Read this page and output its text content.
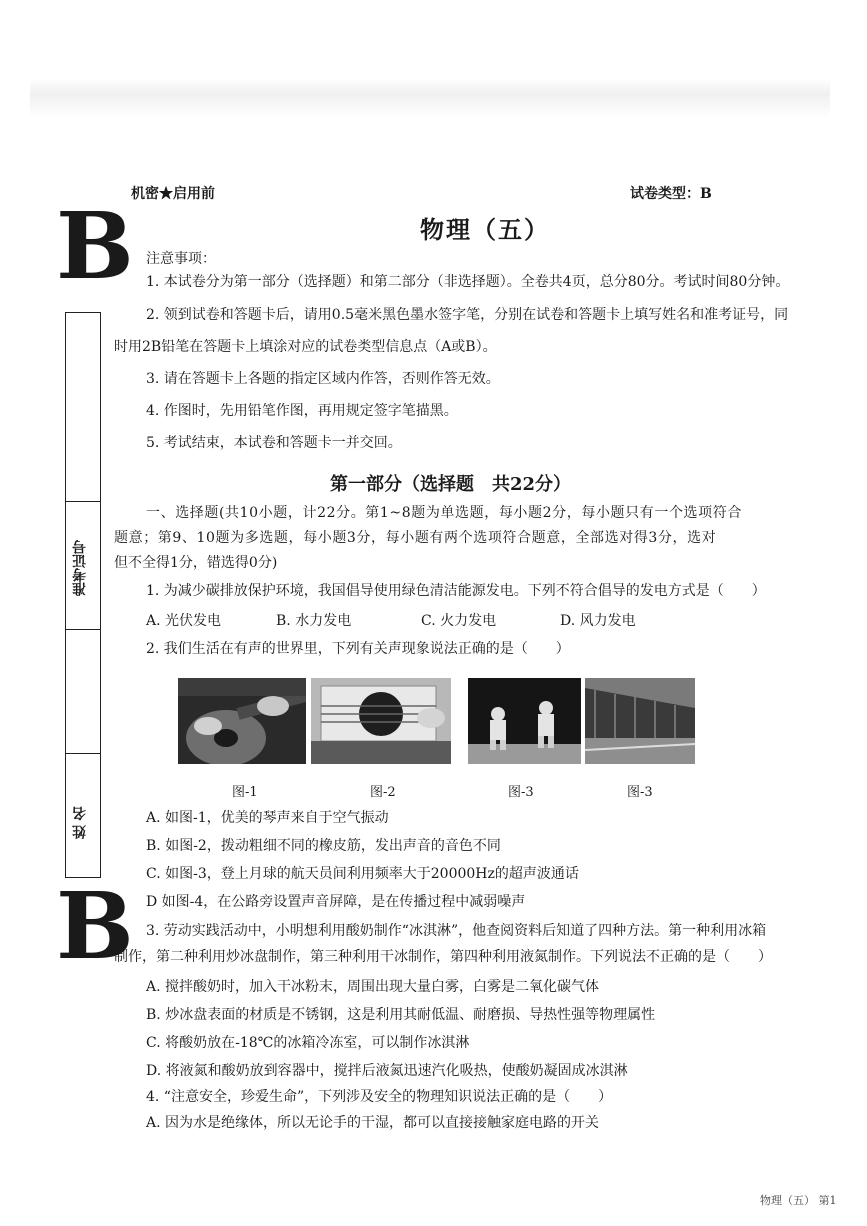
机密★启用前	试卷类型：B
B
B
物理（五）
注意事项：
1. 本试卷分为第一部分（选择题）和第二部分（非选择题）。全卷共4页，总分80分。考试时间80分钟。
2. 领到试卷和答题卡后，请用0.5毫米黑色墨水签字笔，分别在试卷和答题卡上填写姓名和准考证号，同
时用2B铅笔在答题卡上填涂对应的试卷类型信息点（A或B）。
3. 请在答题卡上各题的指定区域内作答，否则作答无效。
4. 作图时，先用铅笔作图，再用规定签字笔描黑。
5. 考试结束，本试卷和答题卡一并交回。
准考证号
姓 名
第一部分（选择题　共22分）
一、选择题(共10小题，计22分。第1~8题为单选题，每小题2分，每小题只有一个选项符合
题意；第9、10题为多选题，每小题3分，每小题有两个选项符合题意，全部选对得3分，选对
但不全得1分，错选得0分)
1. 为减少碳排放保护环境，我国倡导使用绿色清洁能源发电。下列不符合倡导的发电方式是（　　）
A. 光伏发电	B. 水力发电	C. 火力发电	D. 风力发电
2. 我们生活在有声的世界里，下列有关声现象说法正确的是（　　）
图-1	图-2	图-3	图-3
A. 如图-1，优美的琴声来自于空气振动
B. 如图-2，拨动粗细不同的橡皮筋，发出声音的音色不同
C. 如图-3，登上月球的航天员间利用频率大于20000Hz的超声波通话
D 如图-4，在公路旁设置声音屏障，是在传播过程中减弱噪声
3. 劳动实践活动中，小明想利用酸奶制作“冰淇淋”，他查阅资料后知道了四种方法。第一种利用冰箱
制作，第二种利用炒冰盘制作，第三种利用干冰制作，第四种利用液氮制作。下列说法不正确的是（　　）
A. 搅拌酸奶时，加入干冰粉末，周围出现大量白雾，白雾是二氧化碳气体
B. 炒冰盘表面的材质是不锈钢，这是利用其耐低温、耐磨损、导热性强等物理属性
C. 将酸奶放在-18℃的冰箱冷冻室，可以制作冰淇淋
D. 将液氮和酸奶放到容器中，搅拌后液氮迅速汽化吸热，使酸奶凝固成冰淇淋
4. “注意安全，珍爱生命”，下列涉及安全的物理知识说法正确的是（　　）
A. 因为水是绝缘体，所以无论手的干湿，都可以直接接触家庭电路的开关
物理（五） 第1
